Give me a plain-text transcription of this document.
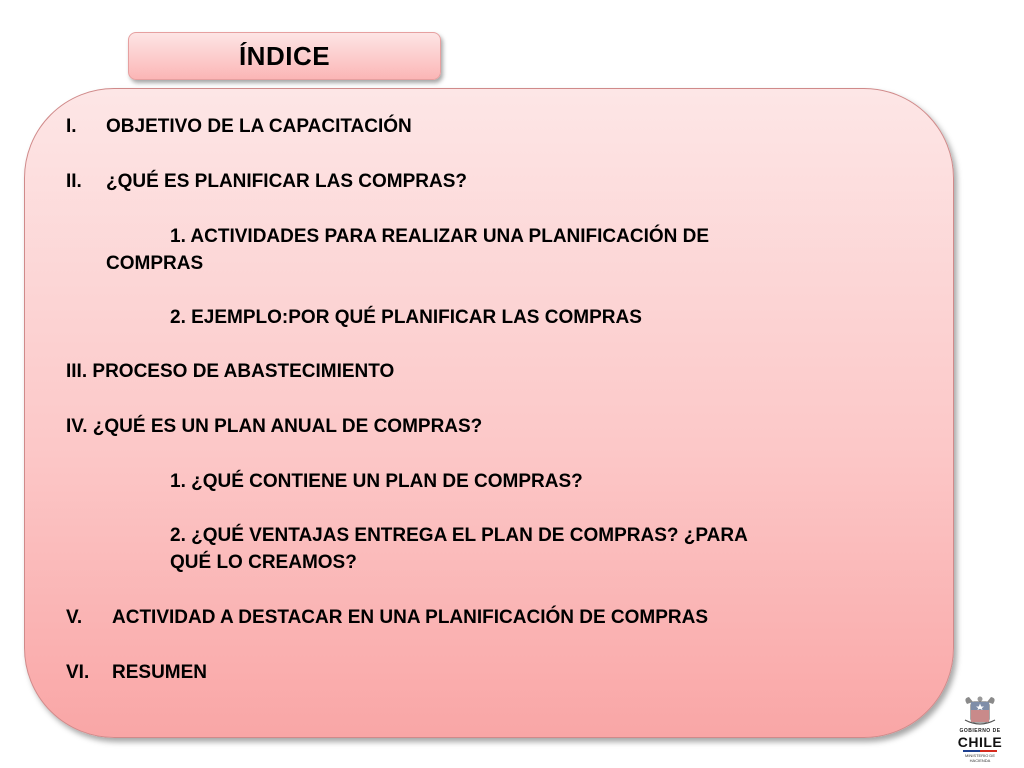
ÍNDICE
I. OBJETIVO DE LA CAPACITACIÓN
II. ¿QUÉ ES PLANIFICAR LAS COMPRAS?
1. ACTIVIDADES PARA REALIZAR UNA PLANIFICACIÓN DE
COMPRAS
2. EJEMPLO:POR QUÉ PLANIFICAR LAS COMPRAS
III. PROCESO DE ABASTECIMIENTO
IV. ¿QUÉ ES UN PLAN ANUAL DE COMPRAS?
1. ¿QUÉ CONTIENE UN PLAN DE COMPRAS?
2. ¿QUÉ VENTAJAS ENTREGA EL PLAN DE COMPRAS? ¿PARA
QUÉ LO CREAMOS?
V. ACTIVIDAD A DESTACAR EN UNA PLANIFICACIÓN DE COMPRAS
VI. RESUMEN
GOBIERNO DE
CHILE
MINISTERIO DE HACIENDA
